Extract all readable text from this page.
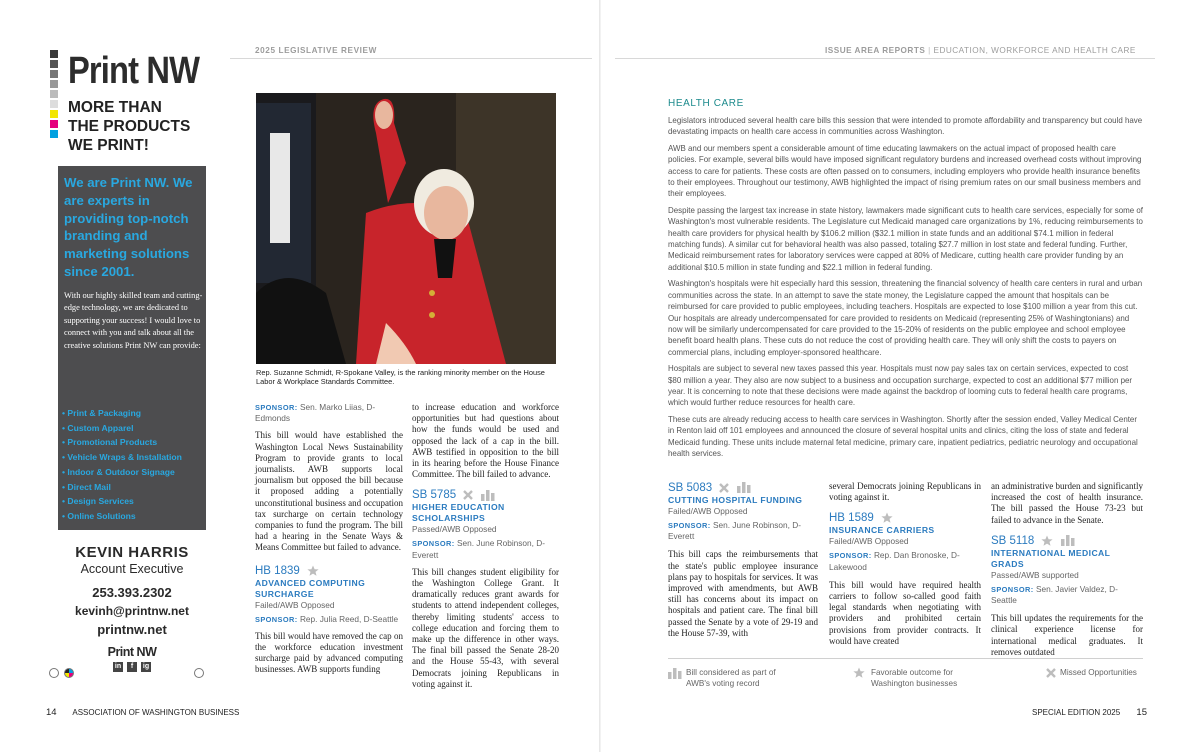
Print NW
MORE THAN
THE PRODUCTS
WE PRINT!
We are Print NW. We are experts in providing top-notch branding and marketing solutions since 2001.
With our highly skilled team and cutting-edge technology, we are dedicated to supporting your success! I would love to connect with you and talk about all the creative solutions Print NW can provide:
• Print & Packaging
• Custom Apparel
• Promotional Products
• Vehicle Wraps & Installation
• Indoor & Outdoor Signage
• Direct Mail
• Design Services
• Online Solutions
KEVIN HARRIS
Account Executive
253.393.2302
kevinh@printnw.net
printnw.net
Print NW
in	f	ig
2025 LEGISLATIVE REVIEW	ISSUE AREA REPORTS | EDUCATION, WORKFORCE AND HEALTH CARE
Rep. Suzanne Schmidt, R-Spokane Valley, is the ranking minority member on the House Labor & Workplace Standards Committee.
SPONSOR: Sen. Marko Liias, D-Edmonds
This bill would have established the Washington Local News Sustainability Program to provide grants to local journalists. AWB supports local journalism but opposed the bill because it proposed adding a potentially unconstitutional business and occupation tax surcharge on certain technology companies to fund the program. The bill had a hearing in the Senate Ways & Means Committee but failed to advance.
HB 1839
ADVANCED COMPUTING SURCHARGE
Failed/AWB Opposed
SPONSOR: Rep. Julia Reed, D-Seattle
This bill would have removed the cap on the workforce education investment surcharge paid by advanced computing businesses. AWB supports funding
to increase education and workforce opportunities but had questions about how the funds would be used and opposed the lack of a cap in the bill. AWB testified in opposition to the bill in its hearing before the House Finance Committee. The bill failed to advance.
SB 5785
HIGHER EDUCATION SCHOLARSHIPS
Passed/AWB Opposed
SPONSOR: Sen. June Robinson, D-Everett
This bill changes student eligibility for the Washington College Grant. It dramatically reduces grant awards for students to attend independent colleges, thereby limiting students' access to college education and forcing them to make up the difference in other ways. The final bill passed the Senate 28-20 and the House 55-43, with several Democrats joining Republicans in voting against it.
HEALTH CARE

Legislators introduced several health care bills this session that were intended to promote affordability and transparency but could have devastating impacts on health care access in communities across Washington.

AWB and our members spent a considerable amount of time educating lawmakers on the actual impact of proposed health care policies. For example, several bills would have imposed significant regulatory burdens and increased overhead costs without improving access to care for patients. These costs are often passed on to consumers, including employers who provide health insurance benefits to their employees. Throughout our testimony, AWB highlighted the impact of rising premium rates on our small business members and their employees.

Despite passing the largest tax increase in state history, lawmakers made significant cuts to health care services, especially for some of Washington's most vulnerable residents. The Legislature cut Medicaid managed care organizations by 1%, reducing reimbursements to health care providers for physical health by $106.2 million ($32.1 million in state funds and an additional $74.1 million in federal matching funds). A similar cut for behavioral health was also passed, totaling $27.7 million in lost state and federal funding. Further, Medicaid reimbursement rates for laboratory services were capped at 80% of Medicare, cutting health care provider funding by an additional $10.5 million in state funding and $22.1 million in federal funding.

Washington's hospitals were hit especially hard this session, threatening the financial solvency of health care centers in rural and urban communities across the state. In an attempt to save the state money, the Legislature capped the amount that hospitals can be reimbursed for care provided to public employees, including teachers. Hospitals are expected to lose $100 million a year from this cut. Our hospitals are already undercompensated for care provided to residents on Medicaid (representing 25% of Washingtonians) and now will be similarly undercompensated for care provided to the 15-20% of residents on the public employee and school employee benefit board health plans. These cuts do not reduce the cost of providing health care. They will only shift the costs to payers on commercial plans, including employer-sponsored healthcare.

Hospitals are subject to several new taxes passed this year. Hospitals must now pay sales tax on certain services, expected to cost $80 million a year. They also are now subject to a business and occupation surcharge, expected to cost an additional $77 million per year. It is concerning to note that these decisions were made against the backdrop of looming cuts to federal health care programs, which would further reduce resources for health care.

These cuts are already reducing access to health care services in Washington. Shortly after the session ended, Valley Medical Center in Renton laid off 101 employees and announced the closure of several hospital units and clinics, citing the loss of state and federal Medicaid funding. These units include maternal fetal medicine, primary care, inpatient pediatrics, pediatric neurology and occupational health services.

SB 5083
CUTTING HOSPITAL FUNDING
Failed/AWB Opposed
SPONSOR: Sen. June Robinson, D-Everett
This bill caps the reimbursements that the state's public employee insurance plans pay to hospitals for services. It was improved with amendments, but AWB still has concerns about its impact on hospitals and patient care. The final bill passed the Senate by a vote of 29-19 and the House 57-39, with
several Democrats joining Republicans in voting against it.
HB 1589
INSURANCE CARRIERS
Failed/AWB Opposed
SPONSOR: Rep. Dan Bronoske, D-Lakewood
This bill would have required health carriers to follow so-called good faith legal standards when negotiating with providers and prohibited certain provisions from provider contracts. It would have created
an administrative burden and significantly increased the cost of health insurance. The bill passed the House 73-23 but failed to advance in the Senate.
SB 5118
INTERNATIONAL MEDICAL GRADS
Passed/AWB supported
SPONSOR: Sen. Javier Valdez, D-Seattle
This bill updates the requirements for the clinical experience license for international medical graduates. It removes outdated
Bill considered as part of AWB's voting record
Favorable outcome for Washington businesses
Missed Opportunities
14 ASSOCIATION OF WASHINGTON BUSINESS	SPECIAL EDITION 2025 15
